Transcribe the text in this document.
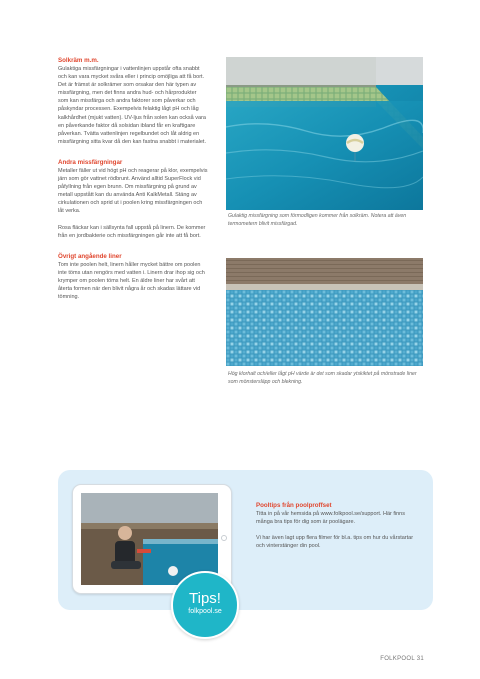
Solkräm m.m.

Gulaktiga missfärgningar i vattenlinjen uppstår ofta snabbt och kan vara mycket svåra eller i princip omöjliga att få bort. Det är främst är solkrämer som orsakar den här typen av missfärgning, men det finns andra hud- och hårprodukter som kan missfärga och andra faktorer som påverkar och påskyndar processen. Exempelvis felaktig lågt pH och låg kalkhårdhet (mjukt vatten). UV-ljus från solen kan också vara en påverkande faktor då solsidan ibland får en kraftigare påverkan. Tvätta vattenlinjen regelbundet och låt aldrig en missfärgning sitta kvar då den kan fastna snabbt i materialet.

Andra missfärgningar

Metaller fäller ut vid högt pH och reagerar på klor, exempelvis järn som gör vattnet rödbrunt. Använd alltid SuperFlock vid påfyllning från egen brunn. Om missfärgning på grund av metall uppstått kan du använda Anti KalkMetall. Stäng av cirkulationen och sprid ut i poolen kring missfärgningen och låt verka.

Rosa fläckar kan i sällsynta fall uppstå på linern. De kommer från en jordbakterie och missfärgningen går inte att få bort.

Övrigt angående liner

Tom inte poolen helt, linern håller mycket bättre om poolen inte töms utan rengörs med vatten i. Linern drar ihop sig och krymper om poolen töms helt. En äldre liner har svårt att återta formen när den blivit några år och skadas lättare vid tömning.

Gulaktig missfärgning som förmodligen kommer från solkräm. Notera att även termometern blivit missfärgad.
Hög klorhalt och/eller lågt pH värde är det som skadar ytskiktet på mönstrade liner som mönstersläpp och blekning.
Tips!
folkpool.se
Pooltips från poolproffset

Titta in på vår hemsida på www.folkpool.se/support. Här finns många bra tips för dig som är poolägare.

Vi har även lagt upp flera filmer för bl.a. tips om hur du vårstartar och vinterstänger din pool.

FOLKPOOL 31
